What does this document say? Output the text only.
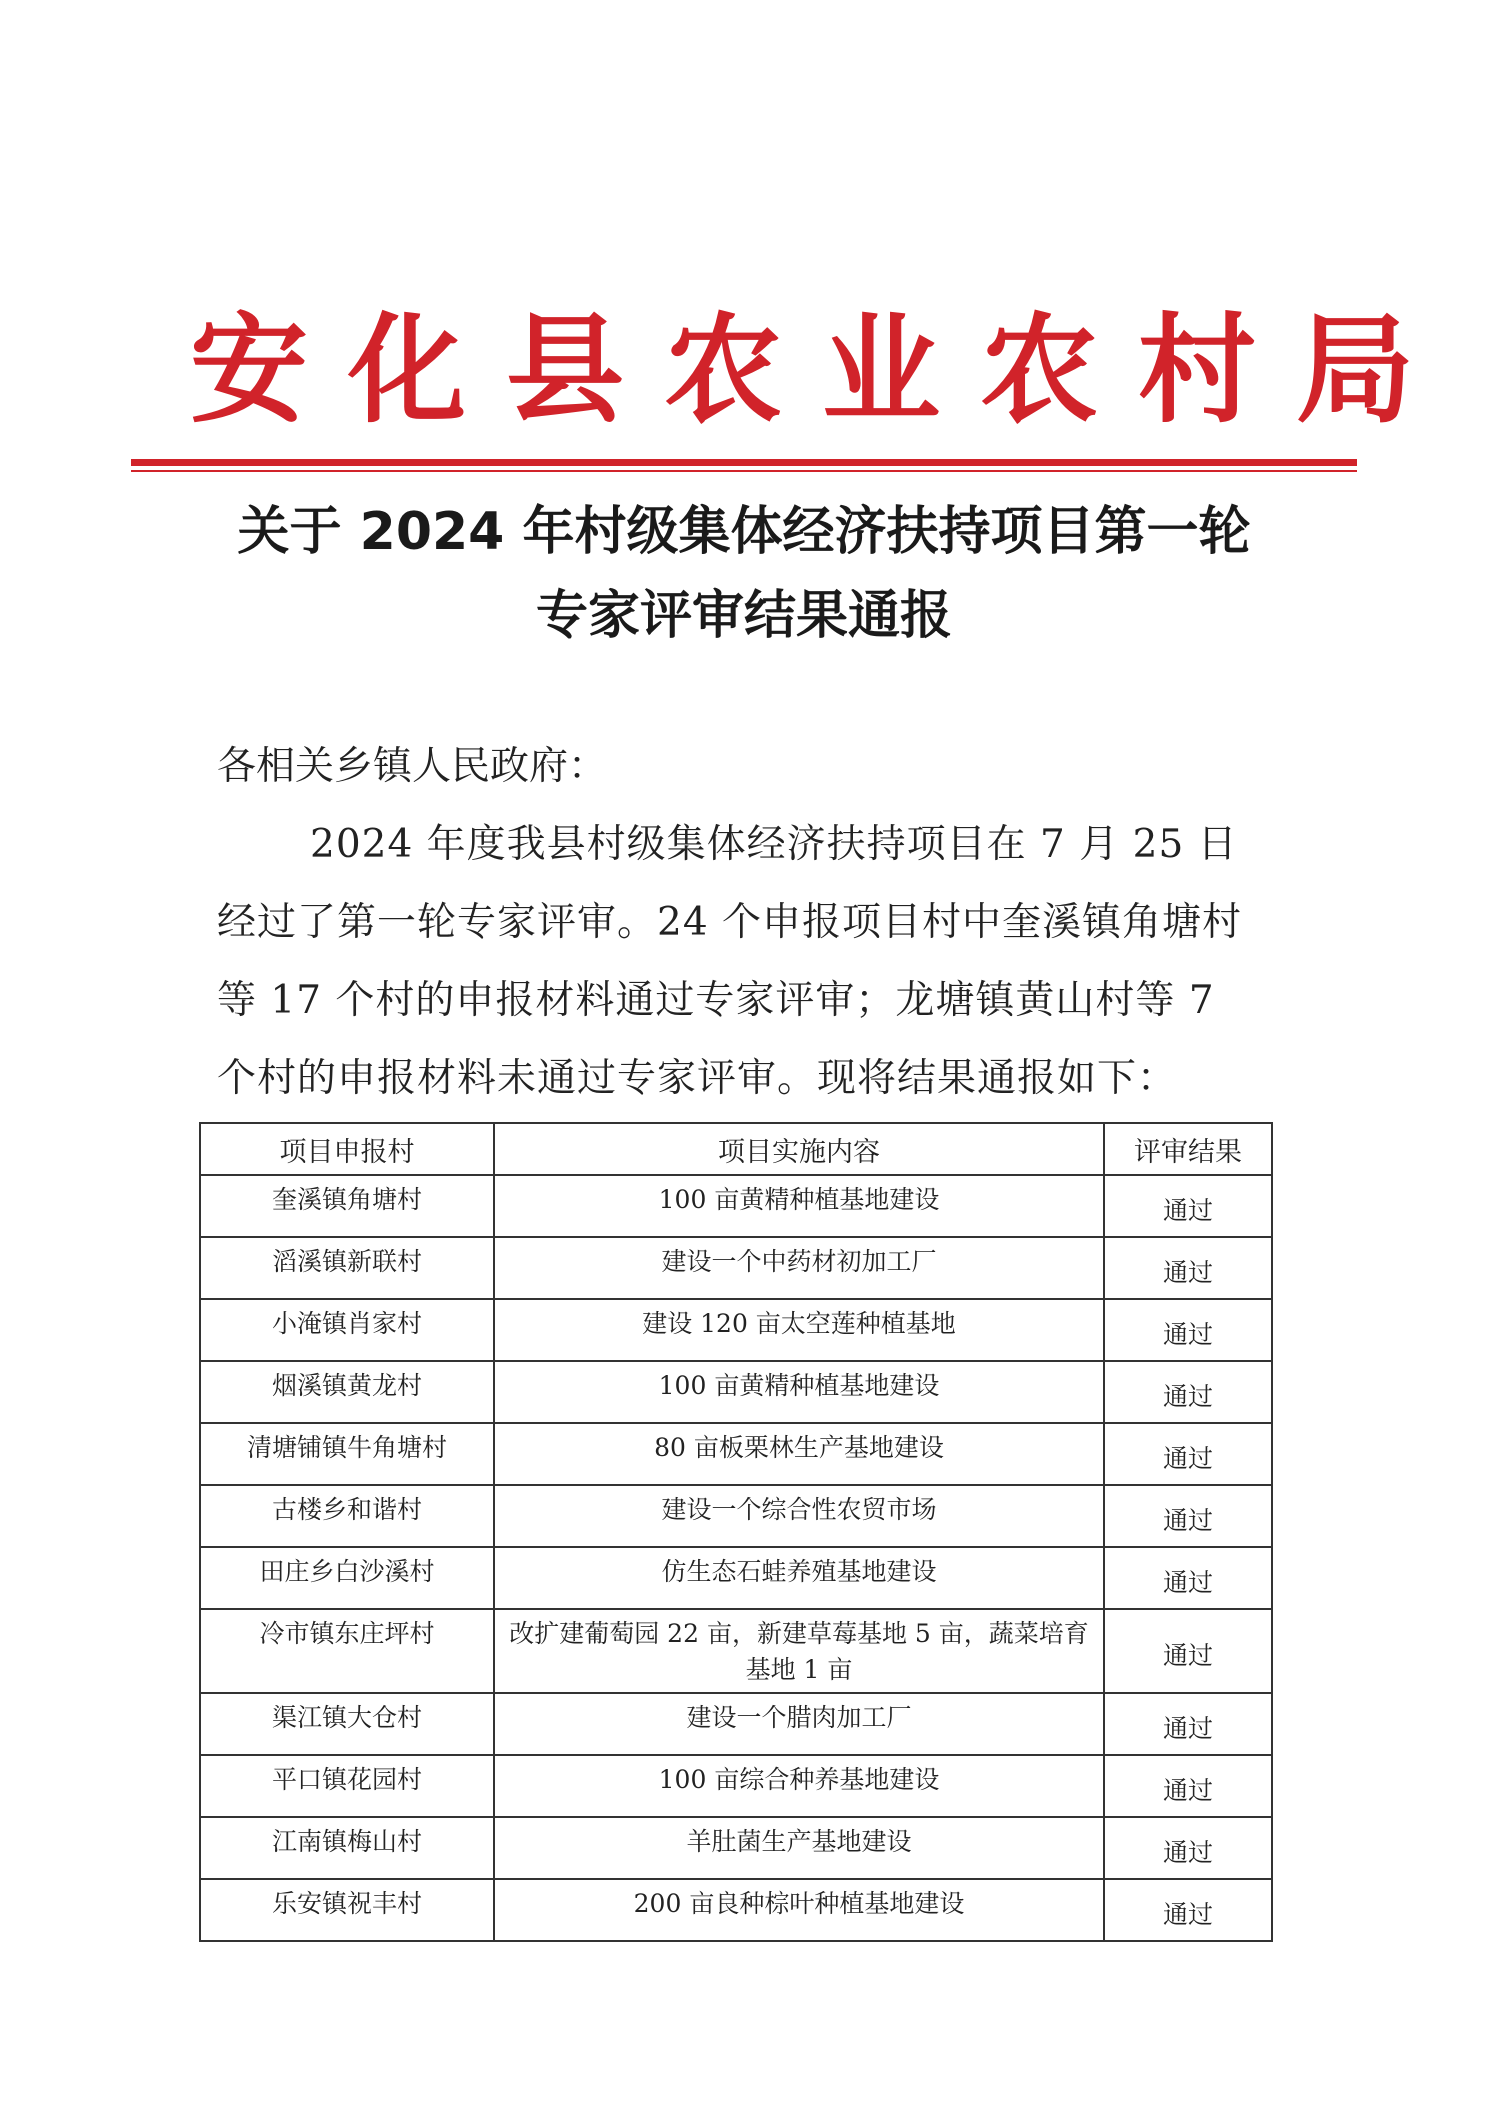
安化县农业农村局
关于 2024 年村级集体经济扶持项目第一轮
专家评审结果通报
各相关乡镇人民政府：
2024 年度我县村级集体经济扶持项目在 7 月 25 日经过了第一轮专家评审。24 个申报项目村中奎溪镇角塘村等 17 个村的申报材料通过专家评审；龙塘镇黄山村等 7 个村的申报材料未通过专家评审。现将结果通报如下：
项目申报村	项目实施内容	评审结果
奎溪镇角塘村	100 亩黄精种植基地建设	通过
滔溪镇新联村	建设一个中药材初加工厂	通过
小淹镇肖家村	建设 120 亩太空莲种植基地	通过
烟溪镇黄龙村	100 亩黄精种植基地建设	通过
清塘铺镇牛角塘村	80 亩板栗林生产基地建设	通过
古楼乡和谐村	建设一个综合性农贸市场	通过
田庄乡白沙溪村	仿生态石蛙养殖基地建设	通过
冷市镇东庄坪村	改扩建葡萄园 22 亩，新建草莓基地 5 亩，蔬菜培育基地 1 亩	通过
渠江镇大仓村	建设一个腊肉加工厂	通过
平口镇花园村	100 亩综合种养基地建设	通过
江南镇梅山村	羊肚菌生产基地建设	通过
乐安镇祝丰村	200 亩良种棕叶种植基地建设	通过
